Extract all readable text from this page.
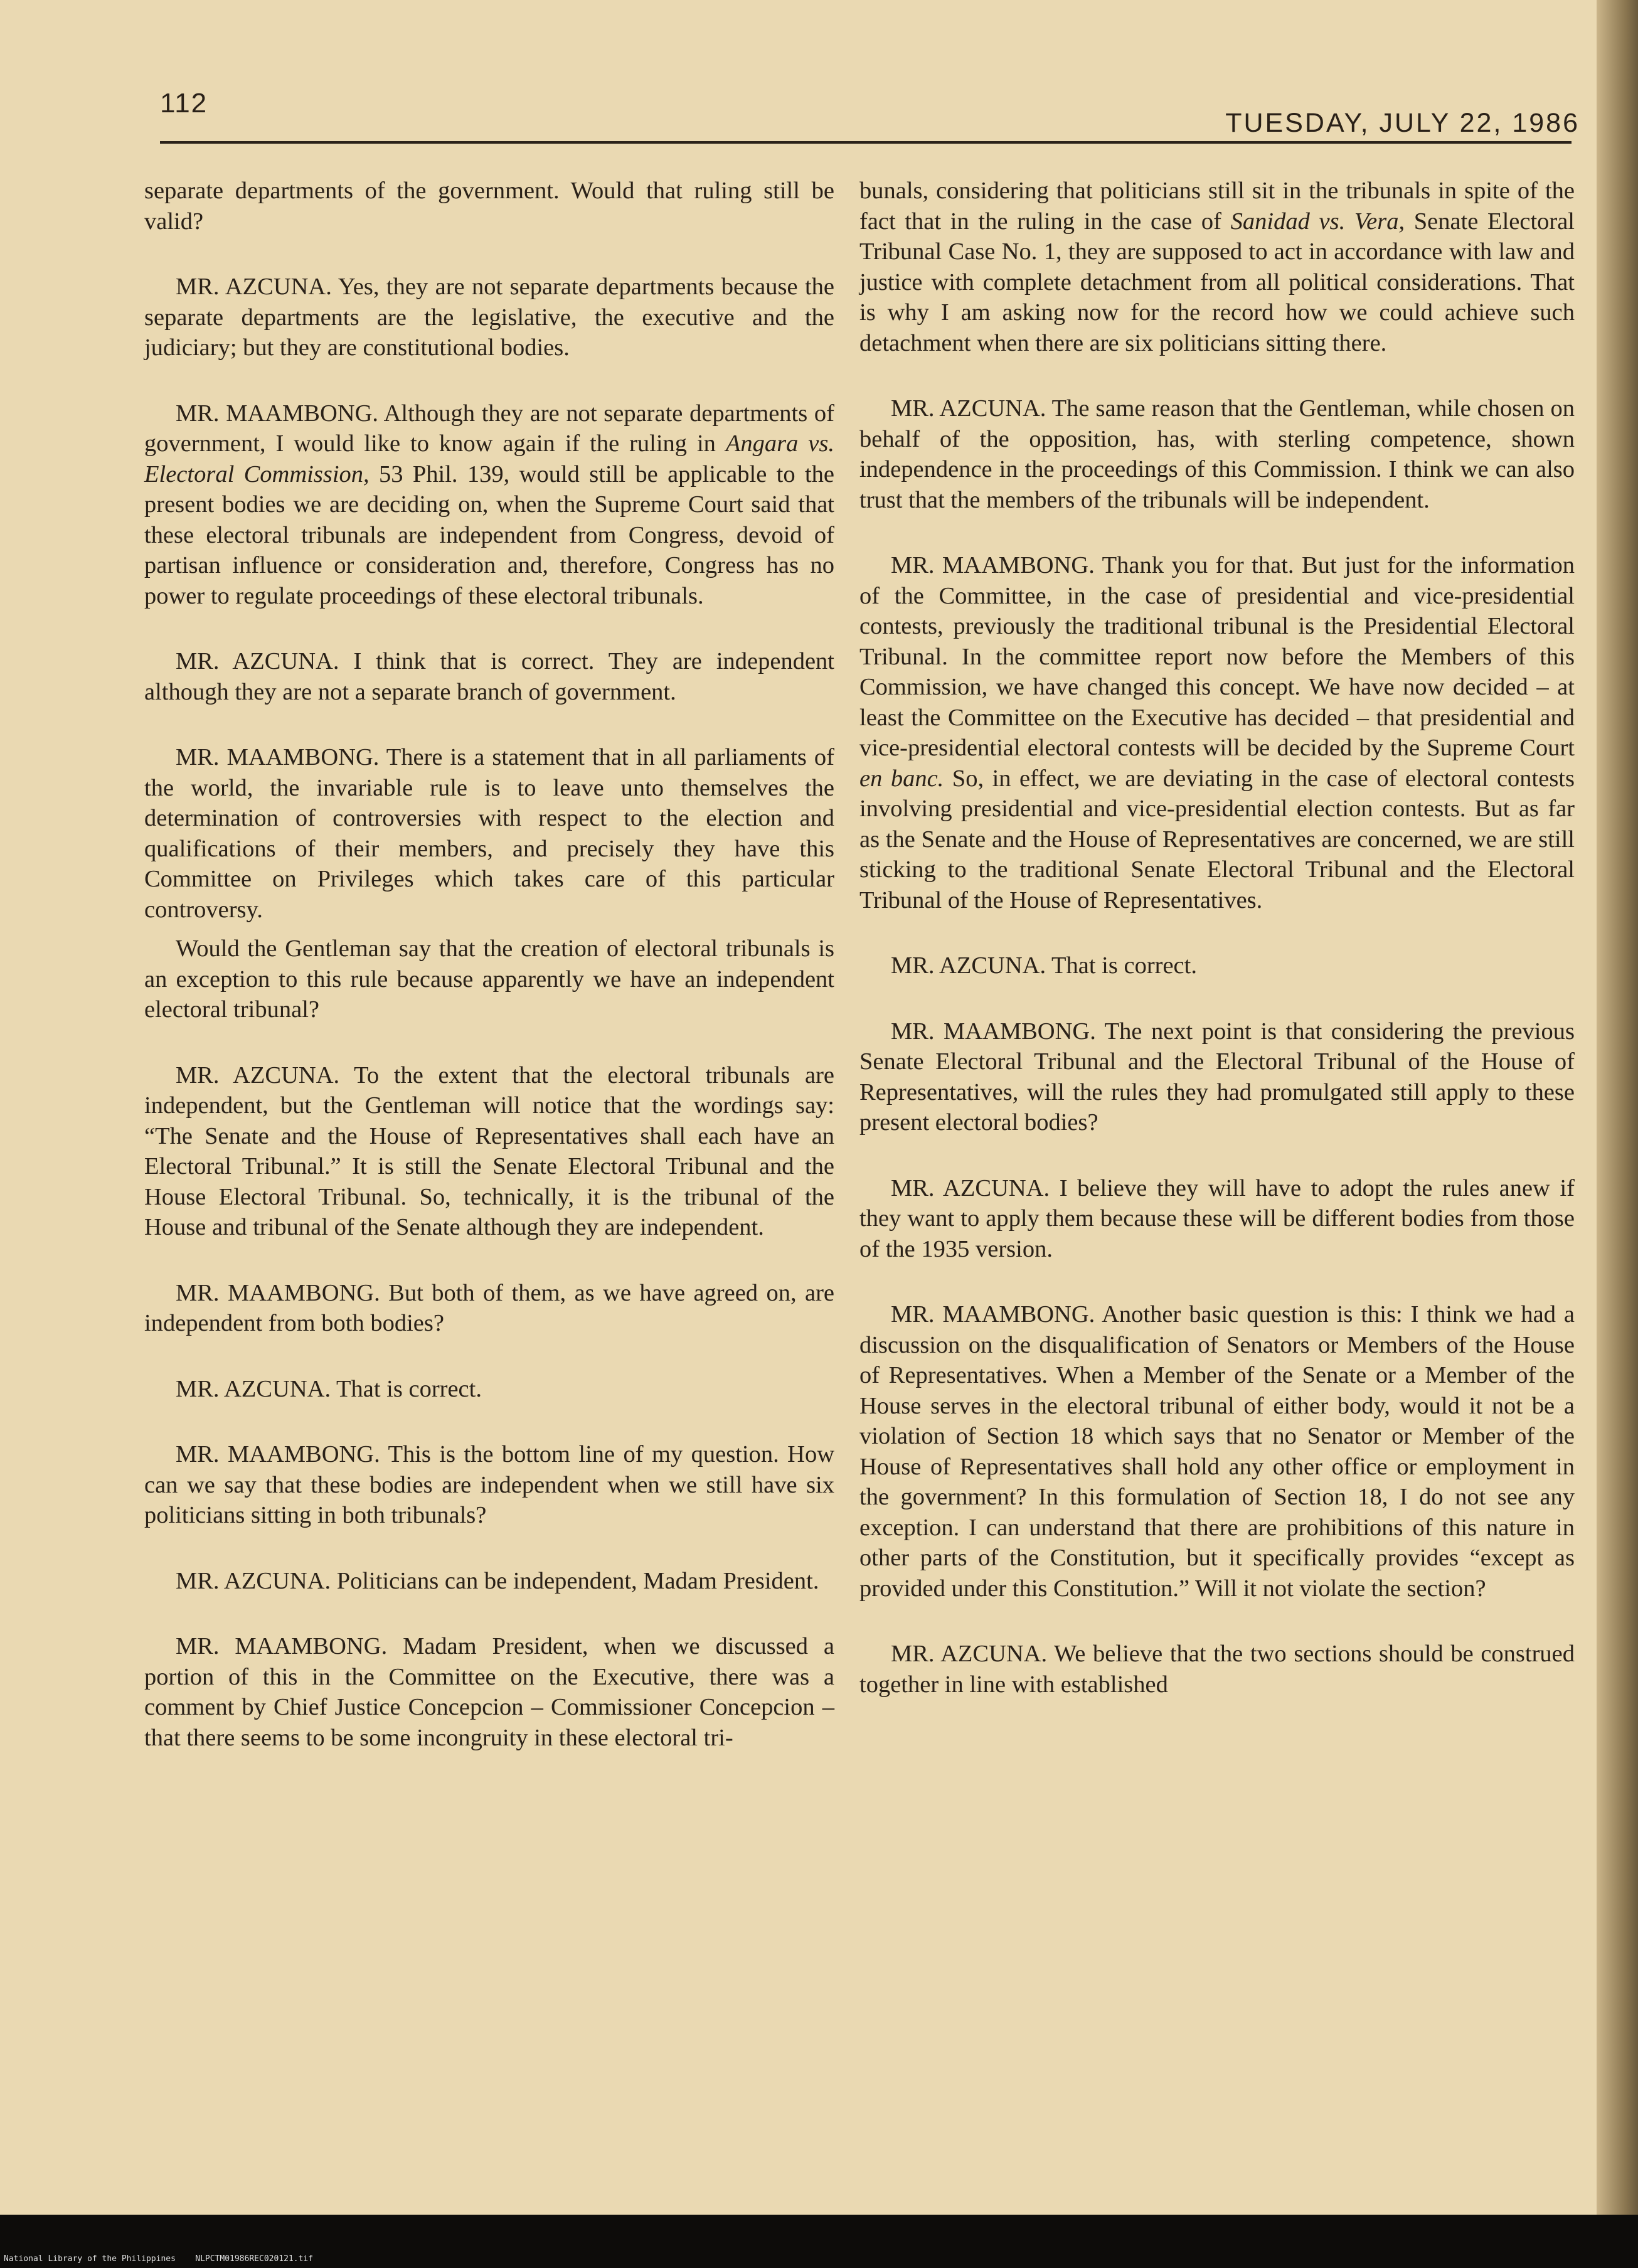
National Library of the Philippines    NLPCTM01986REC020121.tif
112
TUESDAY, JULY 22, 1986

separate departments of the government. Would that ruling still be valid?

MR. AZCUNA. Yes, they are not separate departments because the separate departments are the legislative, the executive and the judiciary; but they are constitutional bodies.

MR. MAAMBONG. Although they are not separate departments of government, I would like to know again if the ruling in Angara vs. Electoral Commission, 53 Phil. 139, would still be applicable to the present bodies we are deciding on, when the Supreme Court said that these electoral tribunals are independent from Congress, devoid of partisan influence or consideration and, therefore, Congress has no power to regulate proceedings of these electoral tribunals.

MR. AZCUNA. I think that is correct. They are independent although they are not a separate branch of government.

MR. MAAMBONG. There is a statement that in all parliaments of the world, the invariable rule is to leave unto themselves the determination of controversies with respect to the election and qualifications of their members, and precisely they have this Committee on Privileges which takes care of this particular controversy.

Would the Gentleman say that the creation of electoral tribunals is an exception to this rule because apparently we have an independent electoral tribunal?

MR. AZCUNA. To the extent that the electoral tribunals are independent, but the Gentleman will notice that the wordings say: “The Senate and the House of Representatives shall each have an Electoral Tribunal.” It is still the Senate Electoral Tribunal and the House Electoral Tribunal. So, technically, it is the tribunal of the House and tribunal of the Senate although they are independent.

MR. MAAMBONG. But both of them, as we have agreed on, are independent from both bodies?

MR. AZCUNA. That is correct.

MR. MAAMBONG. This is the bottom line of my question. How can we say that these bodies are independent when we still have six politicians sitting in both tribunals?

MR. AZCUNA. Politicians can be independent, Madam President.

MR. MAAMBONG. Madam President, when we discussed a portion of this in the Committee on the Executive, there was a comment by Chief Justice Concepcion – Commissioner Concepcion – that there seems to be some incongruity in these electoral tri-

bunals, considering that politicians still sit in the tribunals in spite of the fact that in the ruling in the case of Sanidad vs. Vera, Senate Electoral Tribunal Case No. 1, they are supposed to act in accordance with law and justice with complete detachment from all political considerations. That is why I am asking now for the record how we could achieve such detachment when there are six politicians sitting there.

MR. AZCUNA. The same reason that the Gentleman, while chosen on behalf of the opposition, has, with sterling competence, shown independence in the proceedings of this Commission. I think we can also trust that the members of the tribunals will be independent.

MR. MAAMBONG. Thank you for that. But just for the information of the Committee, in the case of presidential and vice-presidential contests, previously the traditional tribunal is the Presidential Electoral Tribunal. In the committee report now before the Members of this Commission, we have changed this concept. We have now decided – at least the Committee on the Executive has decided – that presidential and vice-presidential electoral contests will be decided by the Supreme Court en banc. So, in effect, we are deviating in the case of electoral contests involving presidential and vice-presidential election contests. But as far as the Senate and the House of Representatives are concerned, we are still sticking to the traditional Senate Electoral Tribunal and the Electoral Tribunal of the House of Representatives.

MR. AZCUNA. That is correct.

MR. MAAMBONG. The next point is that considering the previous Senate Electoral Tribunal and the Electoral Tribunal of the House of Representatives, will the rules they had promulgated still apply to these present electoral bodies?

MR. AZCUNA. I believe they will have to adopt the rules anew if they want to apply them because these will be different bodies from those of the 1935 version.

MR. MAAMBONG. Another basic question is this: I think we had a discussion on the disqualification of Senators or Members of the House of Representatives. When a Member of the Senate or a Member of the House serves in the electoral tribunal of either body, would it not be a violation of Section 18 which says that no Senator or Member of the House of Representatives shall hold any other office or employment in the government? In this formulation of Section 18, I do not see any exception. I can understand that there are prohibitions of this nature in other parts of the Constitution, but it specifically provides “except as provided under this Constitution.” Will it not violate the section?

MR. AZCUNA. We believe that the two sections should be construed together in line with established
